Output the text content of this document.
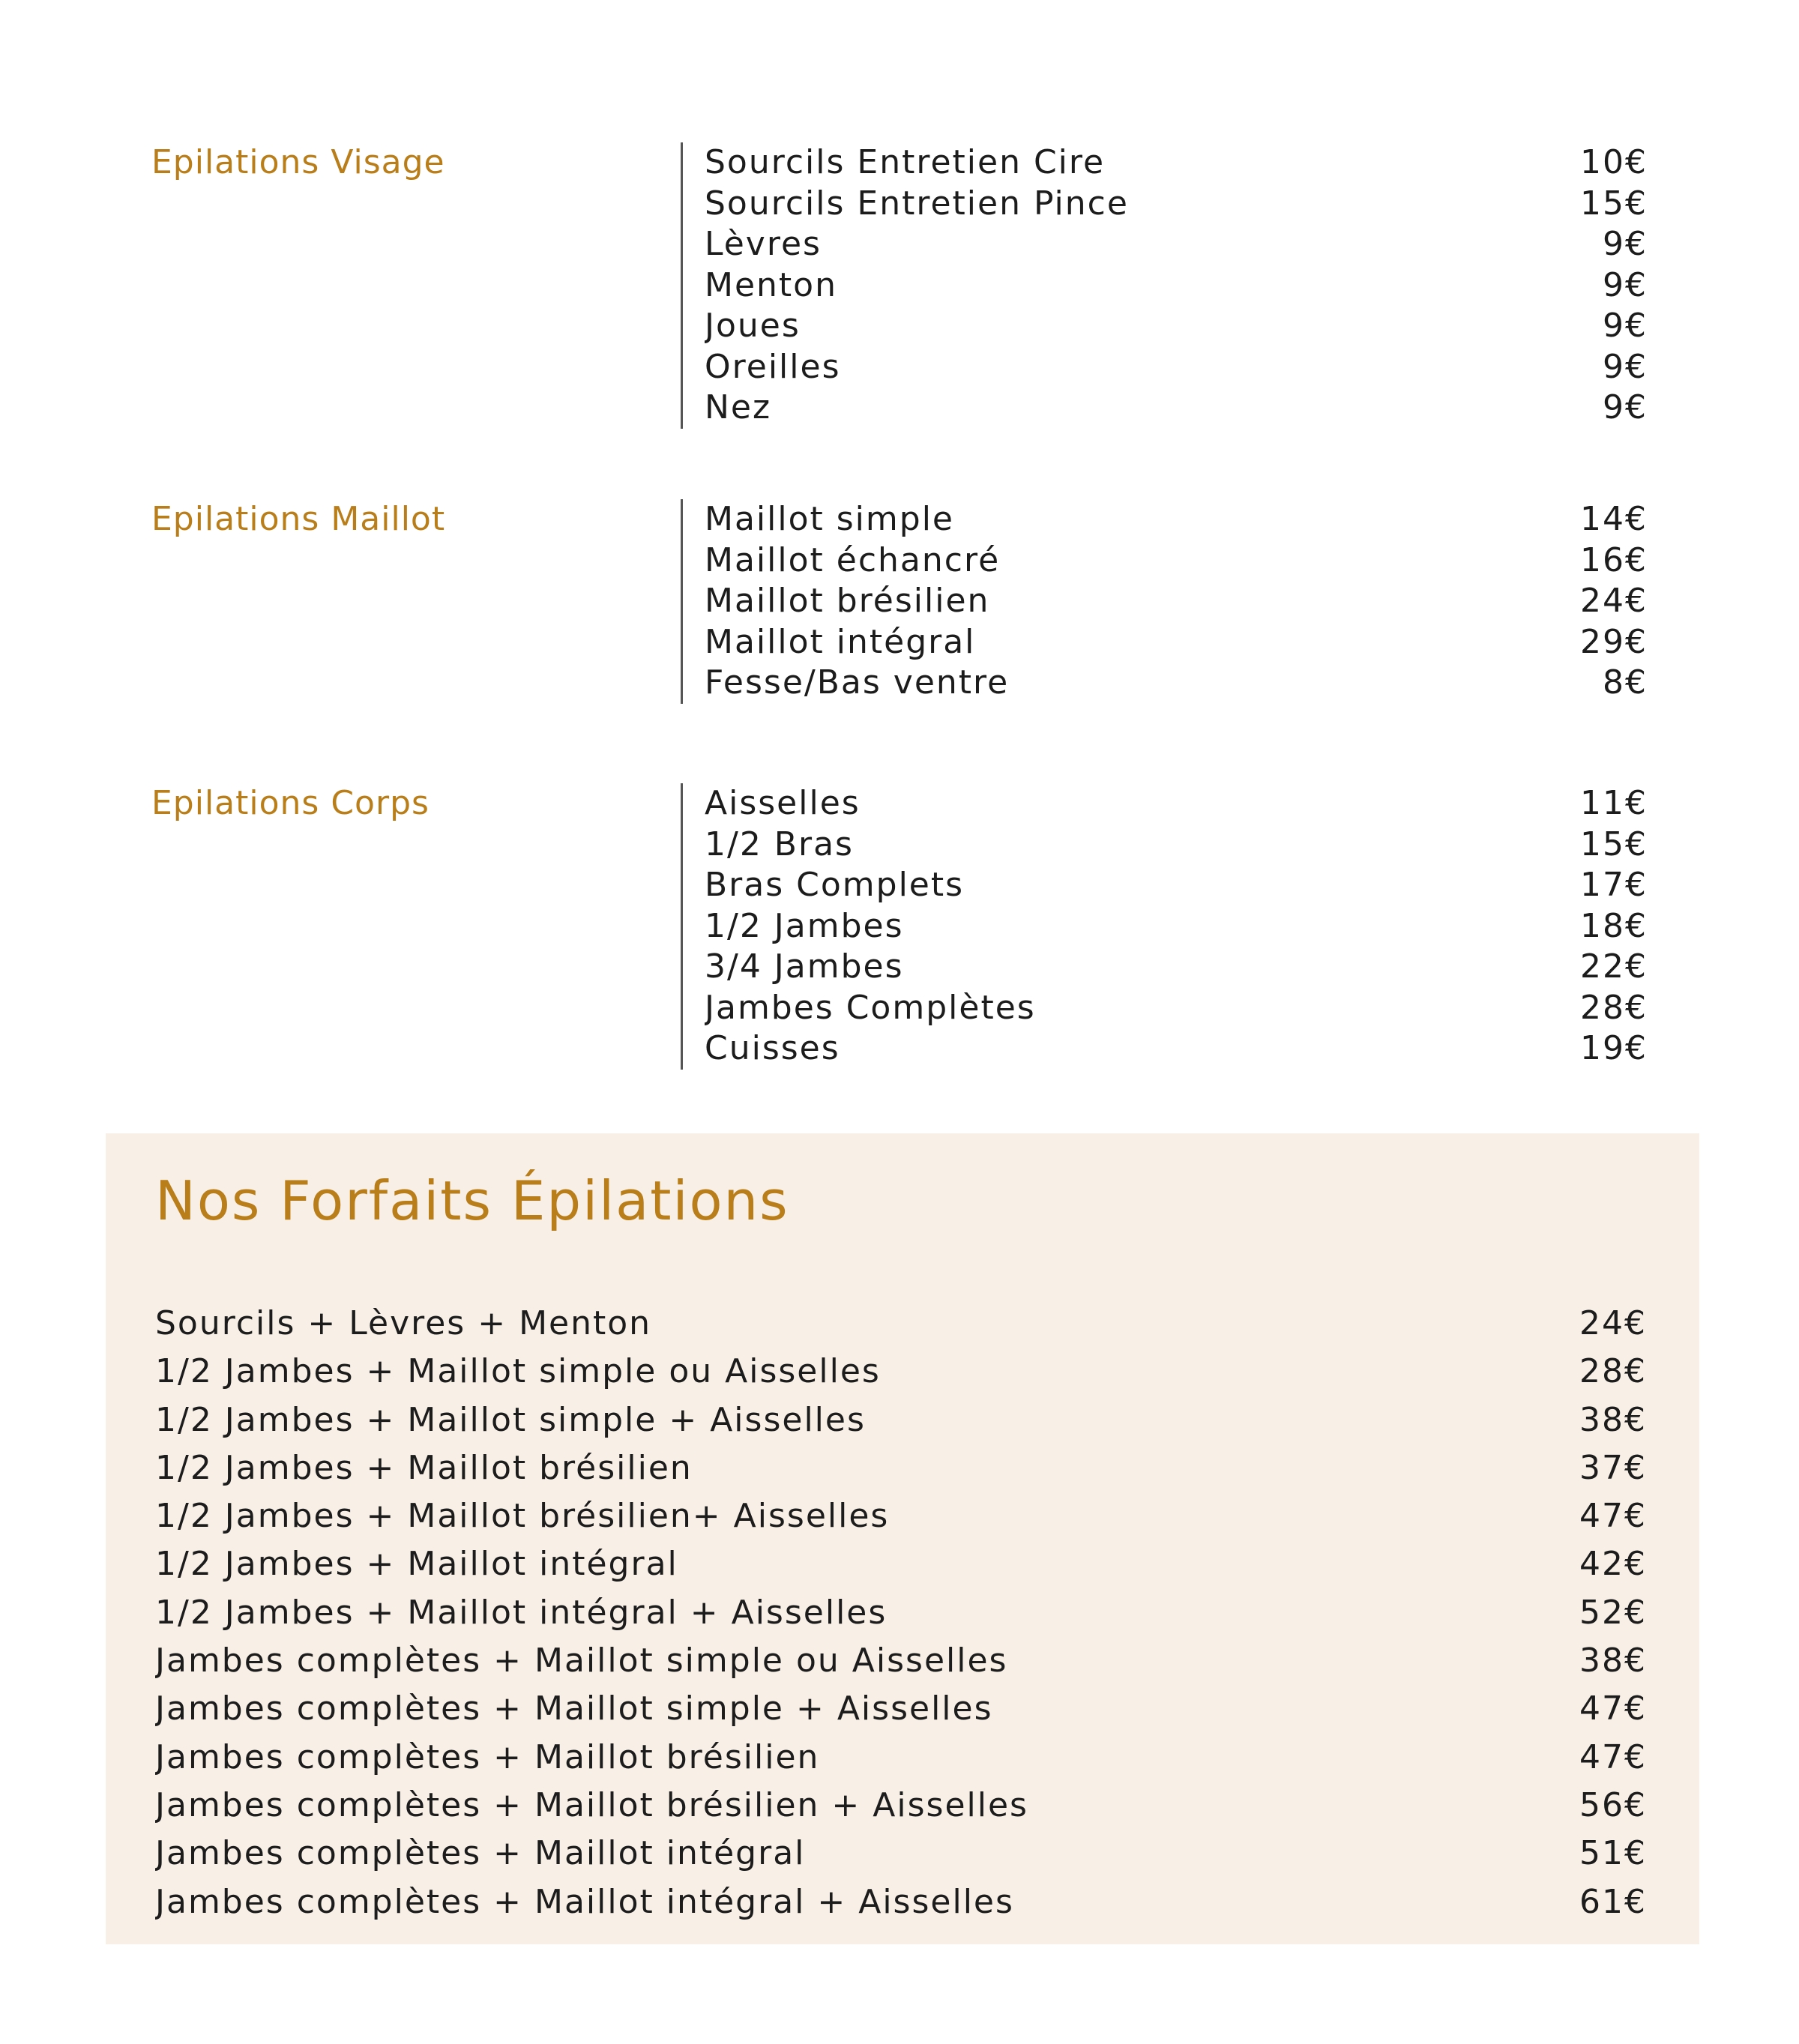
Epilations Visage	Sourcils Entretien Cire	10€
Sourcils Entretien Pince	15€
Lèvres	9€
Menton	9€
Joues	9€
Oreilles	9€
Nez	9€
Epilations Maillot	Maillot simple	14€
Maillot échancré	16€
Maillot brésilien	24€
Maillot intégral	29€
Fesse/Bas ventre	8€
Epilations Corps	Aisselles	11€
1/2 Bras	15€
Bras Complets	17€
1/2 Jambes	18€
3/4 Jambes	22€
Jambes Complètes	28€
Cuisses	19€
Nos Forfaits Épilations
Sourcils + Lèvres + Menton	24€
1/2 Jambes + Maillot simple ou Aisselles	28€
1/2 Jambes + Maillot simple + Aisselles	38€
1/2 Jambes + Maillot brésilien	37€
1/2 Jambes + Maillot brésilien+ Aisselles	47€
1/2 Jambes + Maillot intégral	42€
1/2 Jambes + Maillot intégral + Aisselles	52€
Jambes complètes + Maillot simple ou Aisselles	38€
Jambes complètes + Maillot simple + Aisselles	47€
Jambes complètes + Maillot brésilien	47€
Jambes complètes + Maillot brésilien + Aisselles	56€
Jambes complètes + Maillot intégral	51€
Jambes complètes + Maillot intégral + Aisselles	61€
